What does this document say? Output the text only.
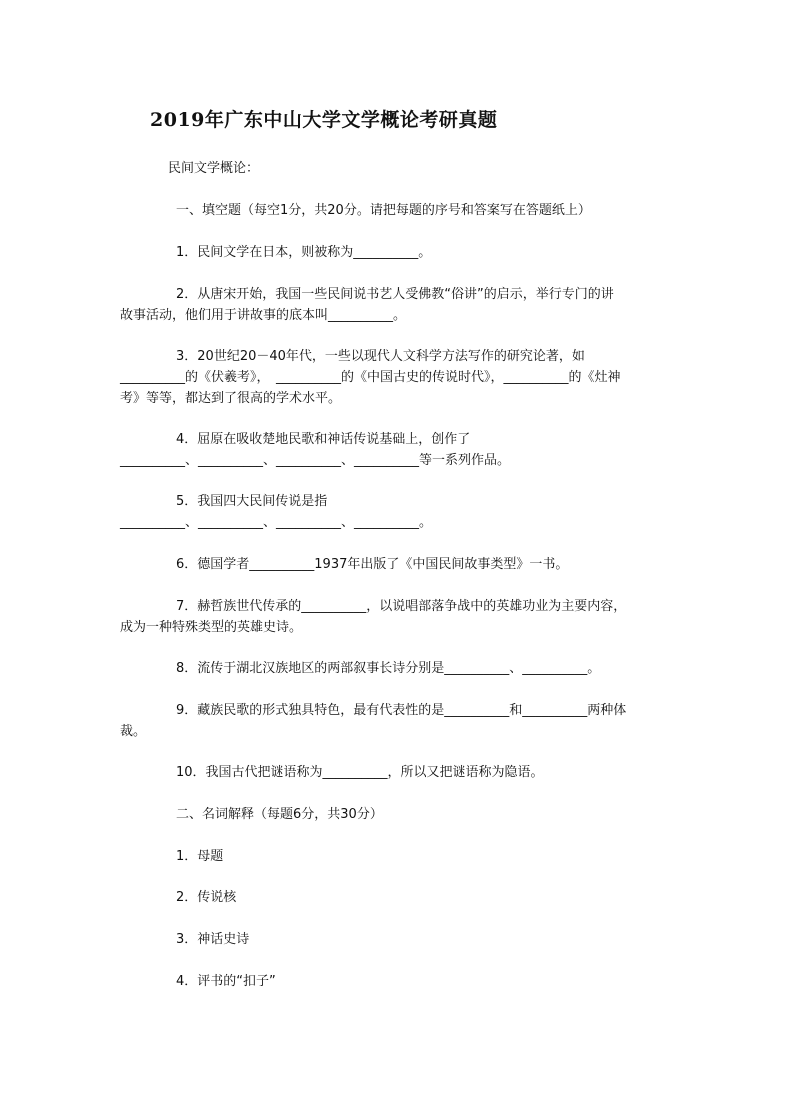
2019年广东中山大学文学概论考研真题
民间文学概论：
一、填空题（每空1分，共20分。请把每题的序号和答案写在答题纸上）
1．民间文学在日本，则被称为__________。
2．从唐宋开始，我国一些民间说书艺人受佛教“俗讲”的启示，举行专门的讲
故事活动，他们用于讲故事的底本叫__________。
3．20世纪20－40年代，一些以现代人文科学方法写作的研究论著，如
__________的《伏羲考》，　__________的《中国古史的传说时代》，__________的《灶神
考》等等，都达到了很高的学术水平。
4．屈原在吸收楚地民歌和神话传说基础上，创作了
__________、__________、__________、__________等一系列作品。
5．我国四大民间传说是指
__________、__________、__________、__________。
6．德国学者__________1937年出版了《中国民间故事类型》一书。
7．赫哲族世代传承的__________，以说唱部落争战中的英雄功业为主要内容，
成为一种特殊类型的英雄史诗。
8．流传于湖北汉族地区的两部叙事长诗分别是__________、__________。
9．藏族民歌的形式独具特色，最有代表性的是__________和__________两种体
裁。
10．我国古代把谜语称为__________，所以又把谜语称为隐语。
二、名词解释（每题6分，共30分）
1．母题
2．传说核
3．神话史诗
4．评书的“扣子”
